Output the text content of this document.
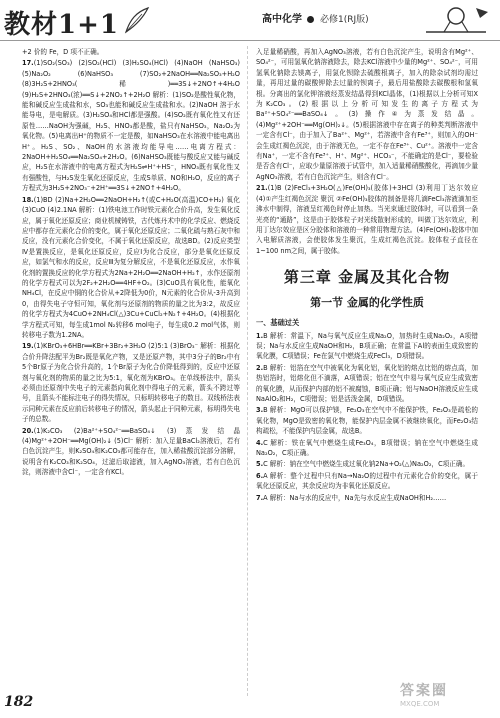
教材1+1	高中化学 必修1(RJ版)

+2 价的 Fe，D 项不正确。

17.(1)SO₂(SO₃) (2)SO₂(HCl) (3)H₂SO₄(HCl) (4)NaOH (NaHSO₃) (5)Na₂O₂ (6)NaHSO₃ (7)SO₂+2NaOH══Na₂SO₃+H₂O (8)3H₂S+2HNO₃(稀)══3S↓+2NO↑+4H₂O (9)H₂S+2HNO₃(浓)══S↓+2NO₂↑+2H₂O 解析：(1)SO₂是酸性氧化物，能和碱反应生成盐和水，SO₃也能和碱反应生成盐和水。(2)NaOH 溶于水能导电，是电解质。(3)H₂SO₄和HCl都是强酸。(4)SO₂既有氧化性又有还原性……NaOH为强碱，H₂S、HNO₃都是酸，盐只有NaHSO₃，Na₂O₂为氧化物。(5)电离出H⁺的物质不一定是酸，如NaHSO₃在水溶液中能电离出H⁺。H₂S、SO₂、NaOH的水溶液均能导电……电离方程式：2NaOH+H₂SO₄══Na₂SO₄+2H₂O。(6)NaHSO₃既能与酸反应又能与碱反应，H₂S在水溶液中的电离方程式为H₂S⇌H⁺+HS⁻，HNO₃既有氧化性又有强酸性，与H₂S发生氧化还原反应，生成S单质、NO和H₂O，反应的离子方程式为3H₂S+2NO₃⁻+2H⁺══3S↓+2NO↑+4H₂O。

18.(1)BD (2)Na+2H₂O══2NaOH+H₂↑(或C+H₂O(高温)CO+H₂) 氧化 (3)CuO (4)2.1NA 解析：(1)铁电池工作时铁元素化合价升高，发生氧化反应，属于氧化还原反应；商业机械铸铁，古代炼丹术中的化学反应、燃烧反应中都存在元素化合价的变化，属于氧化还原反应；二氧化硫与熟石灰中和反应，没有元素化合价变化，不属于氧化还原反应，故选BD。(2)反应类型Ⅳ是置换反应，是氧化还原反应，反应Ⅰ为化合反应，部分是氧化还原反应，如氯气和水的反应，反应Ⅲ为复分解反应，不是氧化还原反应，水作氧化剂的置换反应的化学方程式为2Na+2H₂O══2NaOH+H₂↑，水作还原剂的化学方程式可以为2F₂+2H₂O══4HF+O₂。(3)CuO具有氧化性，能氧化NH₄Cl，在反应中铜的化合价从+2降低为0价，N元素的化合价从-3升高到0，由得失电子守恒可知，氧化剂与还原剂的物质的量之比为3:2，故反应的化学方程式为4CuO+2NH₄Cl(△)3Cu+CuCl₂+N₂↑+4H₂O。(4)根据化学方程式可知，每生成1mol N₂转移6 mol电子，每生成0.2 mol气体，则转移电子数为1.2NA。

19.(1)KBrO₃+6HBr══KBr+3Br₂+3H₂O (2)5:1 (3)BrO₃⁻ 解析：根据化合价升降法配平为Br₂既是氧化产物，又是还原产物，其中3分子的Br₂中有5个Br原子为化合价升高的，1个Br原子为化合价降低得到的，反应中还原剂与氧化剂的物质的量之比为5:1，氧化剂为KBrO₃。在单线桥法中，箭头必须由还原剂中失电子的元素指向氧化剂中得电子的元素，箭头不跨过等号，且箭头不能标注电子的得失情况，只标明转移电子的数目。双线桥法表示同种元素在反应前后转移电子的情况，箭头起止于同种元素，标明得失电子的总数。

20.(1)K₂CO₃ (2)Ba²⁺+SO₄²⁻══BaSO₄↓ (3)蒸发结晶 (4)Mg²⁺+2OH⁻══Mg(OH)₂↓ (5)Cl⁻ 解析：加入足量BaCl₂溶液后，若有白色沉淀产生，则K₂SO₄和K₂CO₃都可能存在，加入稀盐酸沉淀部分溶解，说明含有K₂CO₃和K₂SO₄，过滤后取滤液，加入AgNO₃溶液，若有白色沉淀，则溶液中含Cl⁻，一定含有KCl。

入足量稀硝酸，再加入AgNO₃溶液，若有白色沉淀产生，说明含有Mg²⁺、SO₄²⁻，可用氢氧化钠溶液除去，除去KCl溶液中少量的Mg²⁺、SO₄²⁻，可用氢氧化钠除去镁离子，用氯化钡除去硫酸根离子，加入的除杂试剂均需过量，再用过量的碳酸钾除去过量的钡离子，最后用盐酸除去碳酸根和氢氧根。分离出的氯化钾溶液经蒸发结晶得到KCl晶体，(1)根据以上分析可知X为K₂CO₃。(2)根据以上分析可知发生的离子方程式为Ba²⁺+SO₄²⁻══BaSO₄↓。(3)操作④为蒸发结晶。(4)Mg²⁺+2OH⁻══Mg(OH)₂↓。(5)根据溶液中存在离子的种类判断溶液中一定含有Cl⁻，由于加入了Ba²⁺、Mg²⁺，若溶液中含有Fe³⁺，则加入的OH⁻会生成红褐色沉淀，由于溶液无色，一定不存在Fe³⁺、Cu²⁺。溶液中一定含有Na⁺，一定不含有Fe³⁺、H⁺、Mg²⁺、HCO₃⁻，不能确定的是Cl⁻，要检验是否含有Cl⁻，应取少量原溶液于试管中，加入适量稀硝酸酸化，再滴加少量AgNO₃溶液，若有白色沉淀产生，则含有Cl⁻。

21.(1)B (2)FeCl₃+3H₂O(△)Fe(OH)₃(胶体)+3HCl (3)利用丁达尔效应 (4)①产生红褐色沉淀 聚沉 ②Fe(OH)₃胶体的制备是将几滴FeCl₃溶液滴加至沸水中制得，溶液呈红褐色时停止加热。当光束通过胶体时，可以看到一条光亮的“通路”，这是由于胶体粒子对光线散射形成的，叫做丁达尔效应，利用丁达尔效应是区分胶体和溶液的一种常用物理方法。(4)Fe(OH)₃胶体中加入电解质溶液，会使胶体发生聚沉，生成红褐色沉淀。胶体粒子直径在1~100 nm之间，属于胶体。

第三章 金属及其化合物
第一节 金属的化学性质
一、基础过关

1.B 解析：常温下，Na与氧气反应生成Na₂O，加热时生成Na₂O₂，A项错误；Na与水反应生成NaOH和H₂，B项正确；在常温下Al的表面生成致密的氧化膜，C项错误；Fe在氯气中燃烧生成FeCl₃，D项错误。

2.B 解析：铝箔在空气中被氧化为氧化铝，氧化铝的熔点比铝的熔点高，加热铝箔时，铝熔化但不滴落，A项错误；铝在空气中易与氧气反应生成致密的氧化膜，从而保护内部的铝不被腐蚀，B项正确；铝与NaOH溶液反应生成NaAlO₂和H₂，C项错误；铝是活泼金属，D项错误。

3.B 解析：MgO可以保护镁，Fe₂O₃在空气中不能保护铁，Fe₂O₃是疏松的氧化物，MgO是致密的氧化物，能保护内层金属不被继续氧化，而Fe₂O₃结构疏松，不能保护内层金属，故选B。

4.C 解析：铁在氧气中燃烧生成Fe₃O₄，B项错误；钠在空气中燃烧生成Na₂O₂，C项正确。

5.C 解析：钠在空气中燃烧生成过氧化钠2Na+O₂(△)Na₂O₂，C项正确。

6.A 解析：整个过程中只有Na→Na₂O的过程中有元素化合价的变化，属于氧化还原反应，其余反应均为非氧化还原反应。

7.A 解析：Na与水的反应中，Na先与水反应生成NaOH和H₂……

182
答案圈
MXQE.COM
